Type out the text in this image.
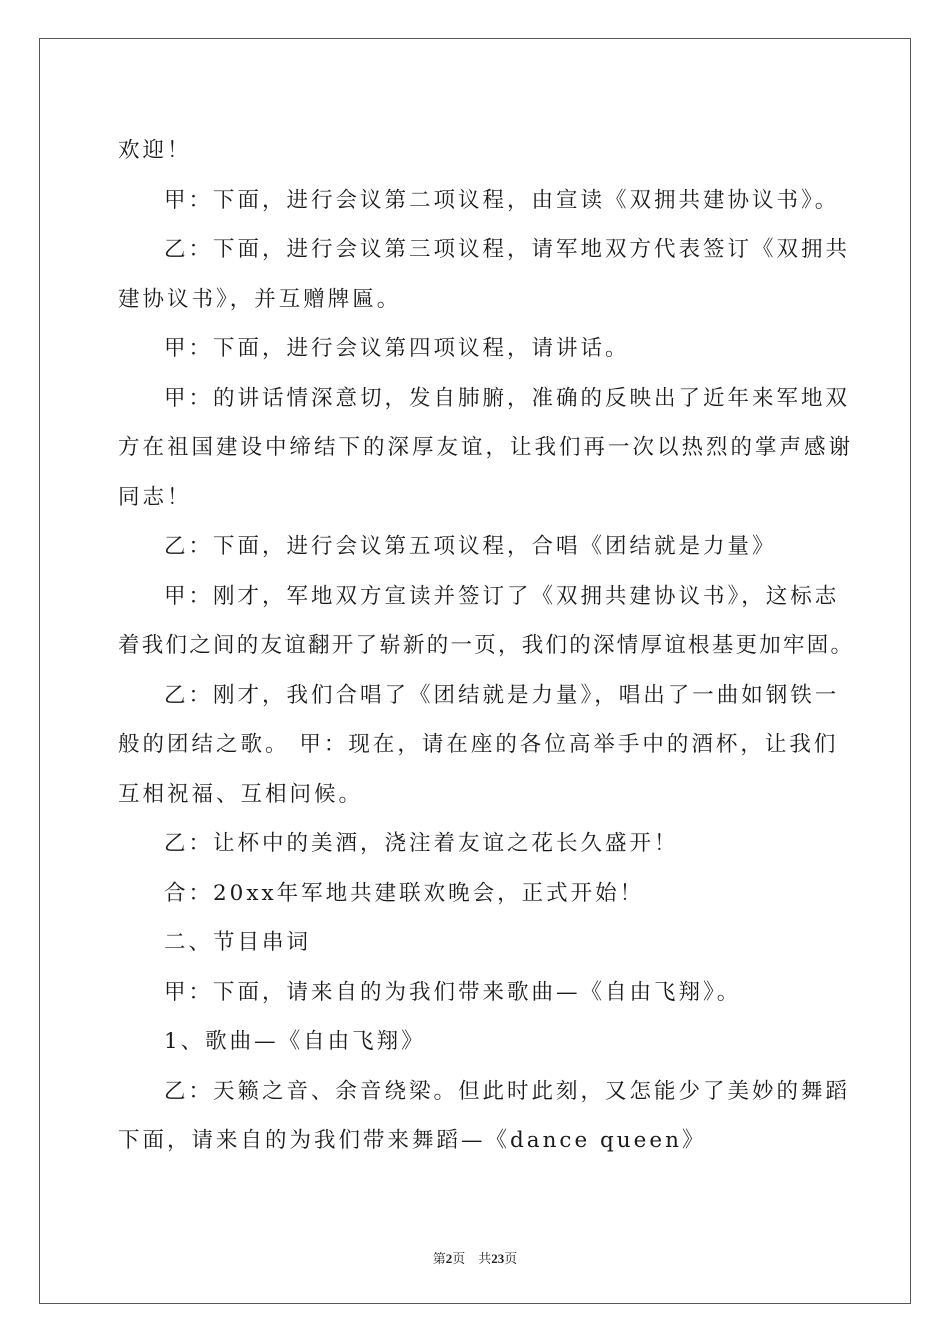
欢迎！
甲：下面，进行会议第二项议程，由宣读《双拥共建协议书》。
乙：下面，进行会议第三项议程，请军地双方代表签订《双拥共
建协议书》，并互赠牌匾。
甲：下面，进行会议第四项议程，请讲话。
甲：的讲话情深意切，发自肺腑，准确的反映出了近年来军地双
方在祖国建设中缔结下的深厚友谊，让我们再一次以热烈的掌声感谢
同志！
乙：下面，进行会议第五项议程，合唱《团结就是力量》
甲：刚才，军地双方宣读并签订了《双拥共建协议书》，这标志
着我们之间的友谊翻开了崭新的一页，我们的深情厚谊根基更加牢固。
乙：刚才，我们合唱了《团结就是力量》，唱出了一曲如钢铁一
般的团结之歌。 甲：现在，请在座的各位高举手中的酒杯，让我们
互相祝福、互相问候。
乙：让杯中的美酒，浇注着友谊之花长久盛开！
合：20xx年军地共建联欢晚会，正式开始！
二、节目串词
甲：下面，请来自的为我们带来歌曲—《自由飞翔》。
1、歌曲—《自由飞翔》
乙：天籁之音、余音绕梁。但此时此刻，又怎能少了美妙的舞蹈
下面，请来自的为我们带来舞蹈—《dance queen》
第2页    共23页
